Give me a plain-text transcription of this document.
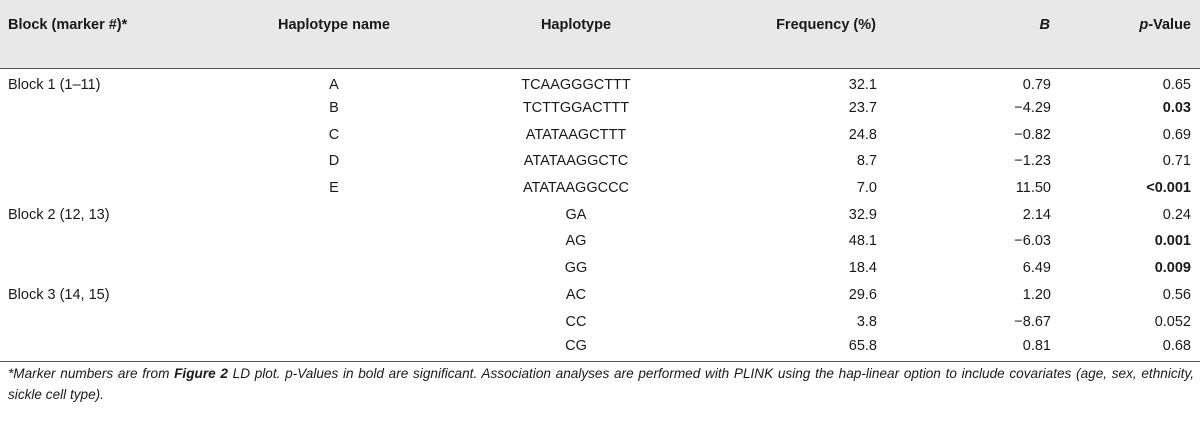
Block (marker #)*	Haplotype name	Haplotype	Frequency (%)	B	p-Value
Block 1 (1–11)	A	TCAAGGGCTTT	32.1	0.79	0.65
	B	TCTTGGACTTT	23.7	−4.29	0.03
	C	ATATAAGCTTT	24.8	−0.82	0.69
	D	ATATAAGGCTC	8.7	−1.23	0.71
	E	ATATAAGGCCC	7.0	11.50	<0.001
Block 2 (12, 13)		GA	32.9	2.14	0.24
		AG	48.1	−6.03	0.001
		GG	18.4	6.49	0.009
Block 3 (14, 15)		AC	29.6	1.20	0.56
		CC	3.8	−8.67	0.052
		CG	65.8	0.81	0.68
*Marker numbers are from Figure 2 LD plot. p-Values in bold are significant. Association analyses are performed with PLINK using the hap-linear option to include covariates (age, sex, ethnicity, sickle cell type).
